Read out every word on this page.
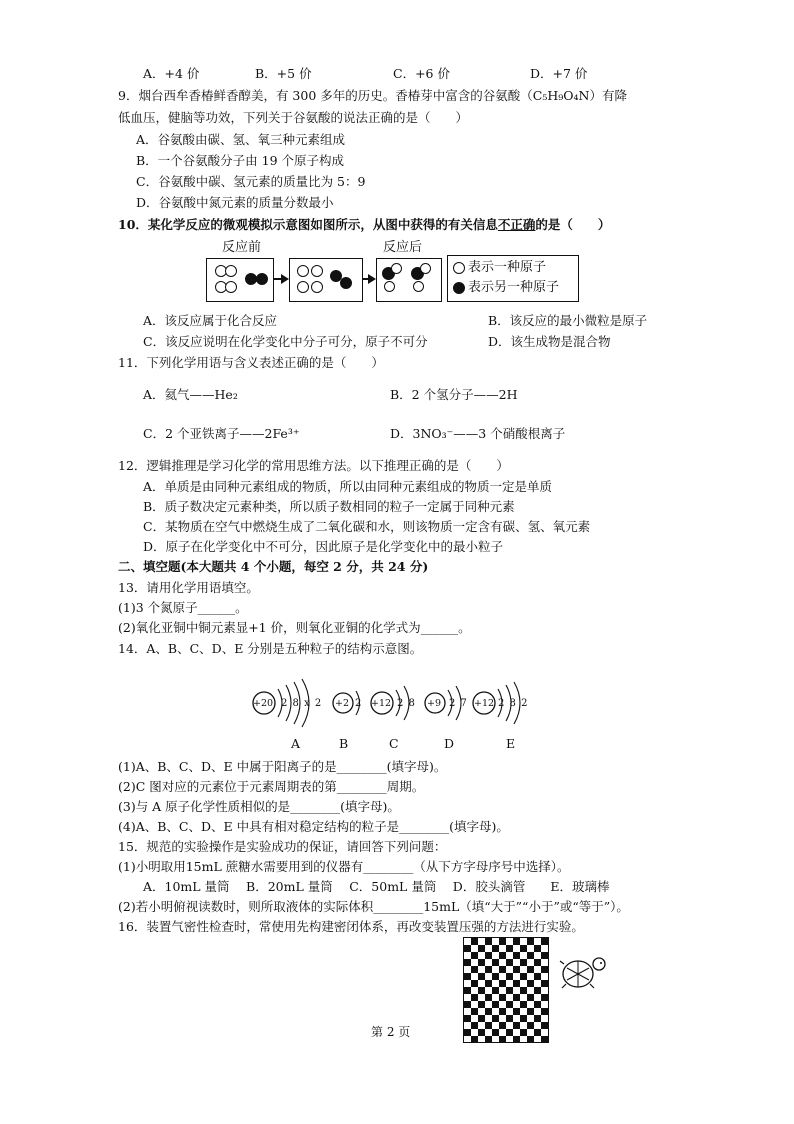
A．+4 价	B．+5 价	C．+6 价	D．+7 价
9．烟台西牟香椿鲜香醇美，有 300 多年的历史。香椿芽中富含的谷氨酸（C₅H₉O₄N）有降
低血压，健脑等功效，下列关于谷氨酸的说法正确的是（　　）
A．谷氨酸由碳、氢、氧三种元素组成
B．一个谷氨酸分子由 19 个原子构成
C．谷氨酸中碳、氢元素的质量比为 5：9
D．谷氨酸中氮元素的质量分数最小
10．某化学反应的微观模拟示意图如图所示，从图中获得的有关信息不正确的是（　　）
反应前	反应后
表示一种原子
表示另一种原子
A．该反应属于化合反应	B．该反应的最小微粒是原子
C．该反应说明在化学变化中分子可分，原子不可分	D．该生成物是混合物
11．下列化学用语与含义表述正确的是（　　）
A．氦气——He₂	B．2 个氢分子——2H
C．2 个亚铁离子——2Fe³⁺	D．3NO₃⁻——3 个硝酸根离子
12．逻辑推理是学习化学的常用思维方法。以下推理正确的是（　　）
A．单质是由同种元素组成的物质，所以由同种元素组成的物质一定是单质
B．质子数决定元素种类，所以质子数相同的粒子一定属于同种元素
C．某物质在空气中燃烧生成了二氧化碳和水，则该物质一定含有碳、氢、氧元素
D．原子在化学变化中不可分，因此原子是化学变化中的最小粒子
二、填空题(本大题共 4 个小题，每空 2 分，共 24 分)
13．请用化学用语填空。
(1)3 个氮原子______。
(2)氧化亚铜中铜元素显+1 价，则氧化亚铜的化学式为______。
14．A、B、C、D、E 分别是五种粒子的结构示意图。
+20 2 8 x 2 +2 2 +12 2 8 +9 2 7 +12 2 8 2
A	B	C	D	E
(1)A、B、C、D、E 中属于阳离子的是________(填字母)。
(2)C 图对应的元素位于元素周期表的第________周期。
(3)与 A 原子化学性质相似的是________(填字母)。
(4)A、B、C、D、E 中具有相对稳定结构的粒子是________(填字母)。
15．规范的实验操作是实验成功的保证，请回答下列问题：
(1)小明取用15mL 蔗糖水需要用到的仪器有________（从下方字母序号中选择）。
A．10mL 量筒　 B．20mL 量筒　 C．50mL 量筒　 D．胶头滴管　　E．玻璃棒
(2)若小明俯视读数时，则所取液体的实际体积________15mL（填“大于”“小于”或“等于”）。
16．装置气密性检查时，常使用先构建密闭体系，再改变装置压强的方法进行实验。
第 2 页
